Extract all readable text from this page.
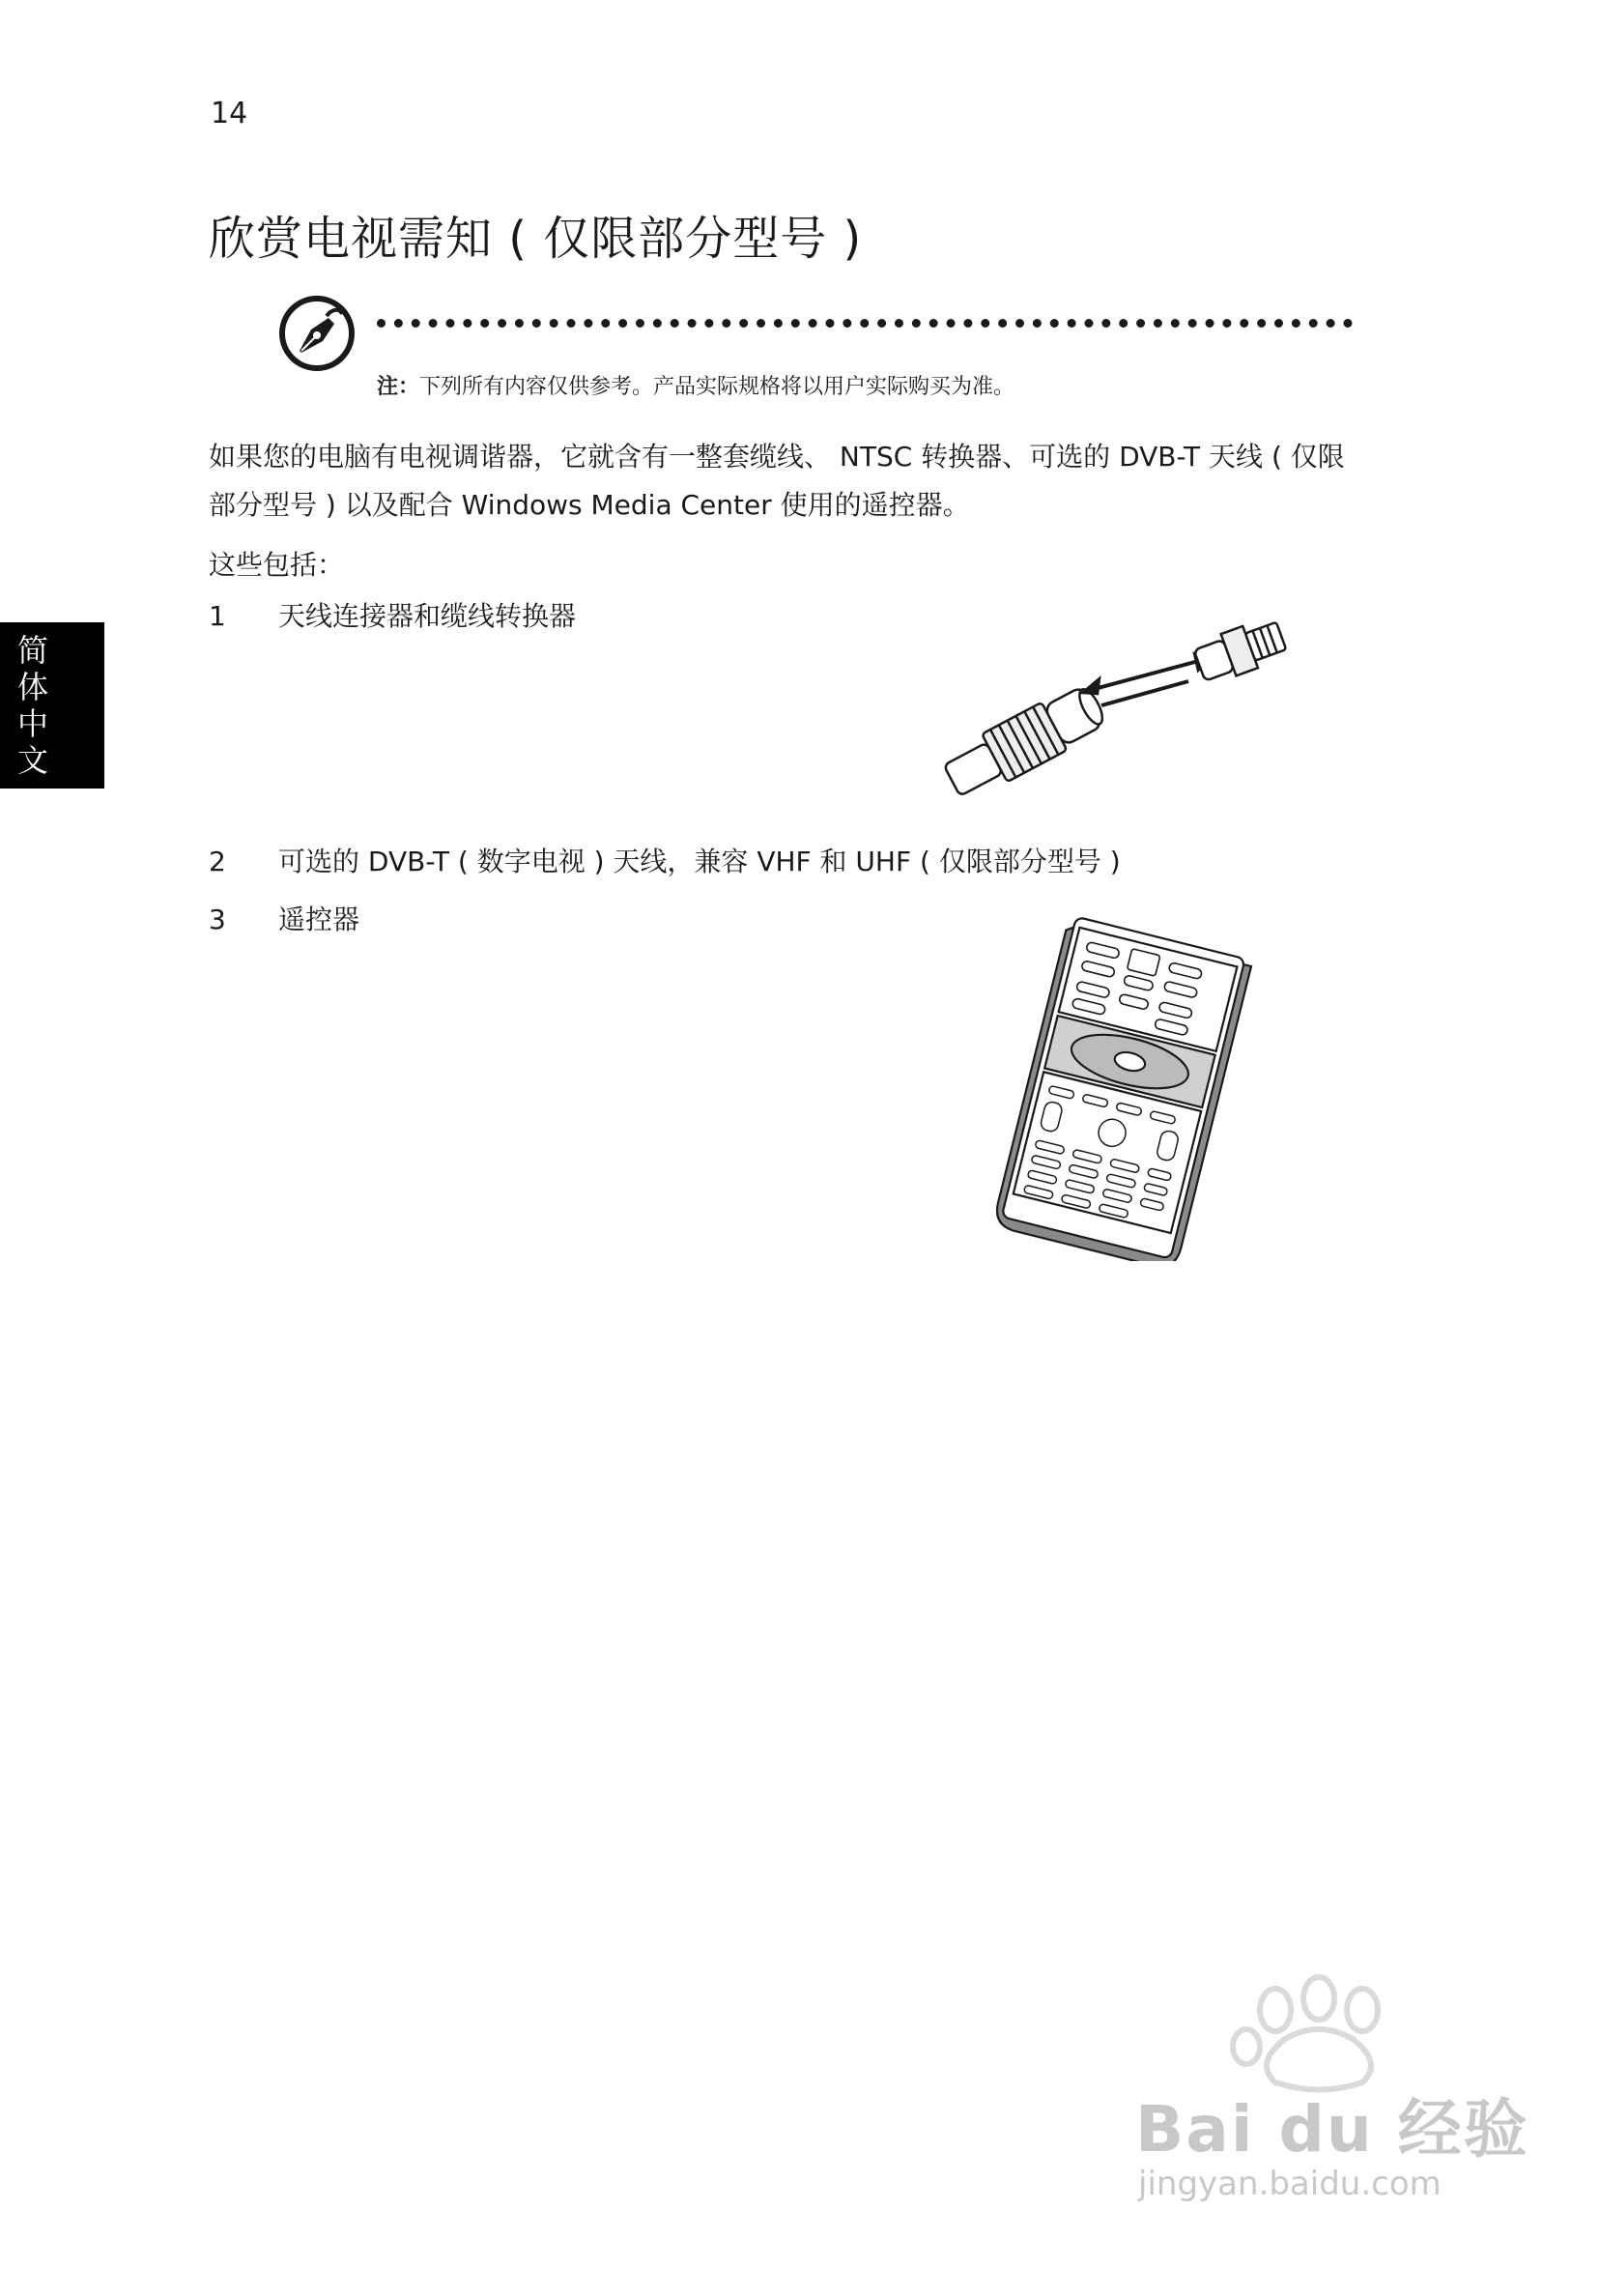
14
欣赏电视需知 ( 仅限部分型号 )
简
体
中
文
注：下列所有内容仅供参考。产品实际规格将以用户实际购买为准。
如果您的电脑有电视调谐器，它就含有一整套缆线、 NTSC 转换器、可选的 DVB-T 天线 ( 仅限部分型号 ) 以及配合 Windows Media Center 使用的遥控器。
这些包括：
1 天线连接器和缆线转换器
2 可选的 DVB-T ( 数字电视 ) 天线，兼容 VHF 和 UHF ( 仅限部分型号 )
3 遥控器
Bai du 经验
jingyan.baidu.com
